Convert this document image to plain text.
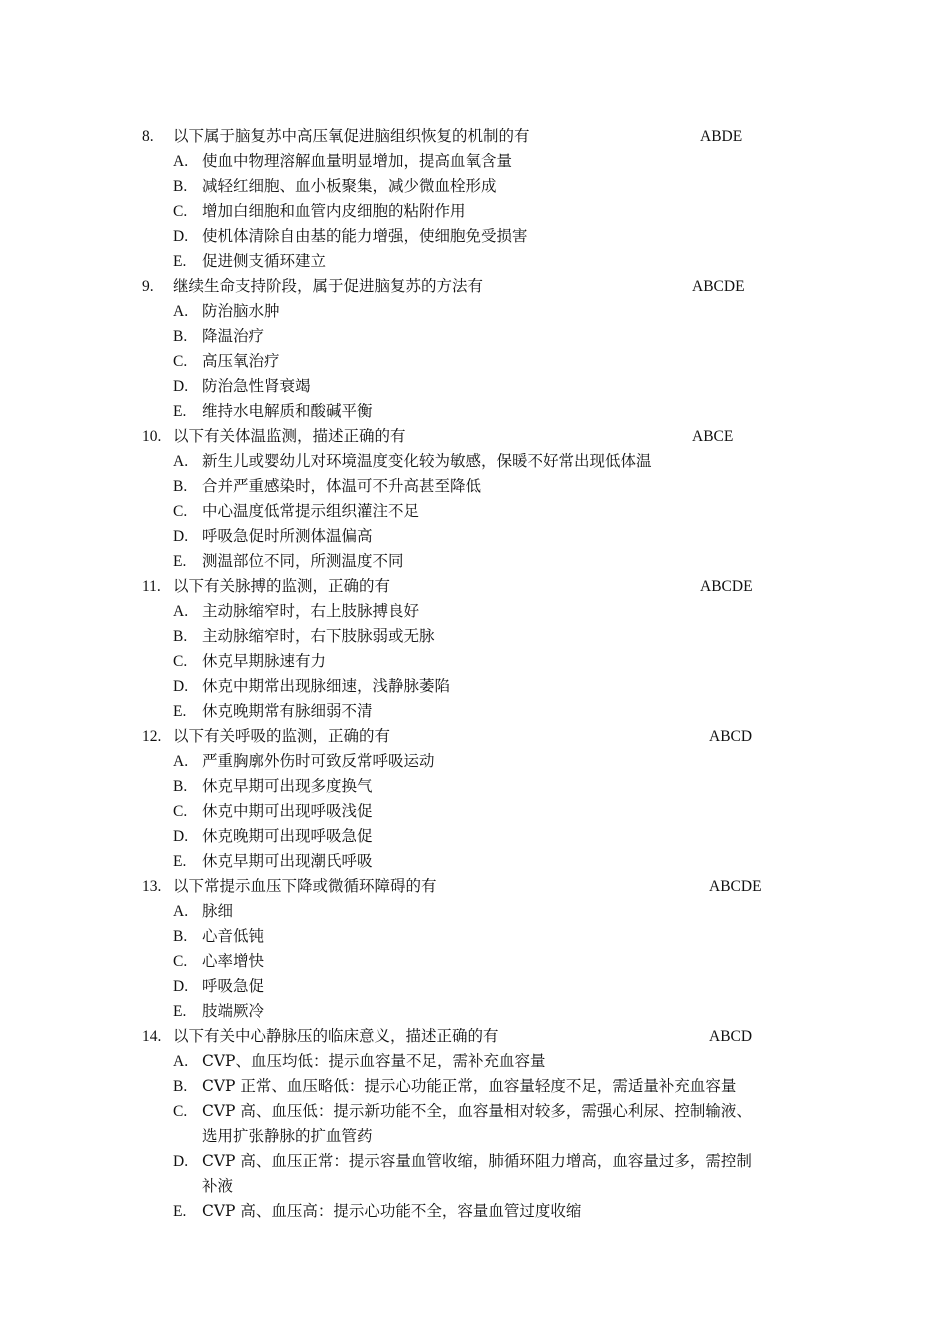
8. 以下属于脑复苏中高压氧促进脑组织恢复的机制的有	ABDE
A. 使血中物理溶解血量明显增加，提高血氧含量
B. 减轻红细胞、血小板聚集，减少微血栓形成
C. 增加白细胞和血管内皮细胞的粘附作用
D. 使机体清除自由基的能力增强，使细胞免受损害
E. 促进侧支循环建立
9. 继续生命支持阶段，属于促进脑复苏的方法有	ABCDE
A. 防治脑水肿
B. 降温治疗
C. 高压氧治疗
D. 防治急性肾衰竭
E. 维持水电解质和酸碱平衡
10. 以下有关体温监测，描述正确的有	ABCE
A. 新生儿或婴幼儿对环境温度变化较为敏感，保暖不好常出现低体温
B. 合并严重感染时，体温可不升高甚至降低
C. 中心温度低常提示组织灌注不足
D. 呼吸急促时所测体温偏高
E. 测温部位不同，所测温度不同
11. 以下有关脉搏的监测，正确的有	ABCDE
A. 主动脉缩窄时，右上肢脉搏良好
B. 主动脉缩窄时，右下肢脉弱或无脉
C. 休克早期脉速有力
D. 休克中期常出现脉细速，浅静脉萎陷
E. 休克晚期常有脉细弱不清
12. 以下有关呼吸的监测，正确的有	ABCD
A. 严重胸廓外伤时可致反常呼吸运动
B. 休克早期可出现多度换气
C. 休克中期可出现呼吸浅促
D. 休克晚期可出现呼吸急促
E. 休克早期可出现潮氏呼吸
13. 以下常提示血压下降或微循环障碍的有	ABCDE
A. 脉细
B. 心音低钝
C. 心率增快
D. 呼吸急促
E. 肢端厥冷
14. 以下有关中心静脉压的临床意义，描述正确的有	ABCD
A. CVP、血压均低：提示血容量不足，需补充血容量
B. CVP 正常、血压略低：提示心功能正常，血容量轻度不足，需适量补充血容量
C. CVP 高、血压低：提示新功能不全，血容量相对较多，需强心利尿、控制输液、
选用扩张静脉的扩血管药
D. CVP 高、血压正常：提示容量血管收缩，肺循环阻力增高，血容量过多，需控制
补液
E. CVP 高、血压高：提示心功能不全，容量血管过度收缩
